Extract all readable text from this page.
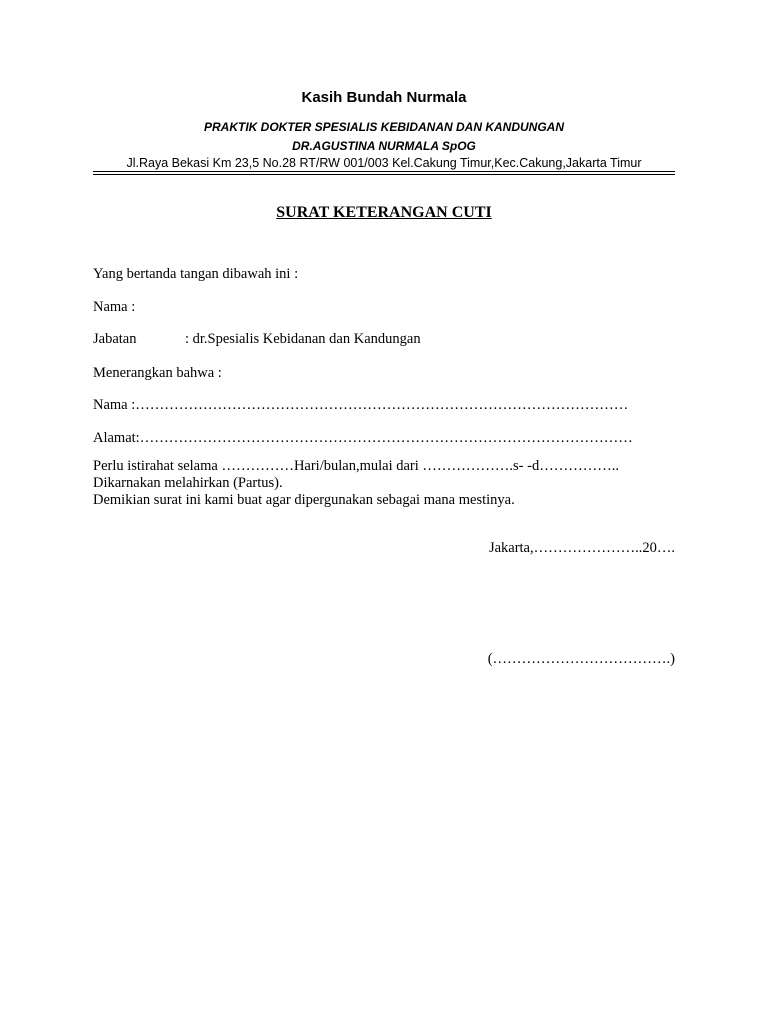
Kasih Bundah Nurmala
PRAKTIK DOKTER SPESIALIS KEBIDANAN DAN KANDUNGAN
DR.AGUSTINA NURMALA SpOG
Jl.Raya Bekasi Km 23,5 No.28 RT/RW 001/003 Kel.Cakung Timur,Kec.Cakung,Jakarta Timur
SURAT KETERANGAN CUTI
Yang bertanda tangan dibawah ini :
Nama :
Jabatan	: dr.Spesialis Kebidanan dan Kandungan
Menerangkan bahwa :
Nama :…………………………………………………………………………………………
Alamat:…………………………………………………………………………………………
Perlu istirahat selama ……………Hari/bulan,mulai dari ……………….s- -d……………..
Dikarnakan melahirkan (Partus).
Demikian surat ini kami buat agar dipergunakan sebagai mana mestinya.
Jakarta,…………………..20….
(……………………………….)
